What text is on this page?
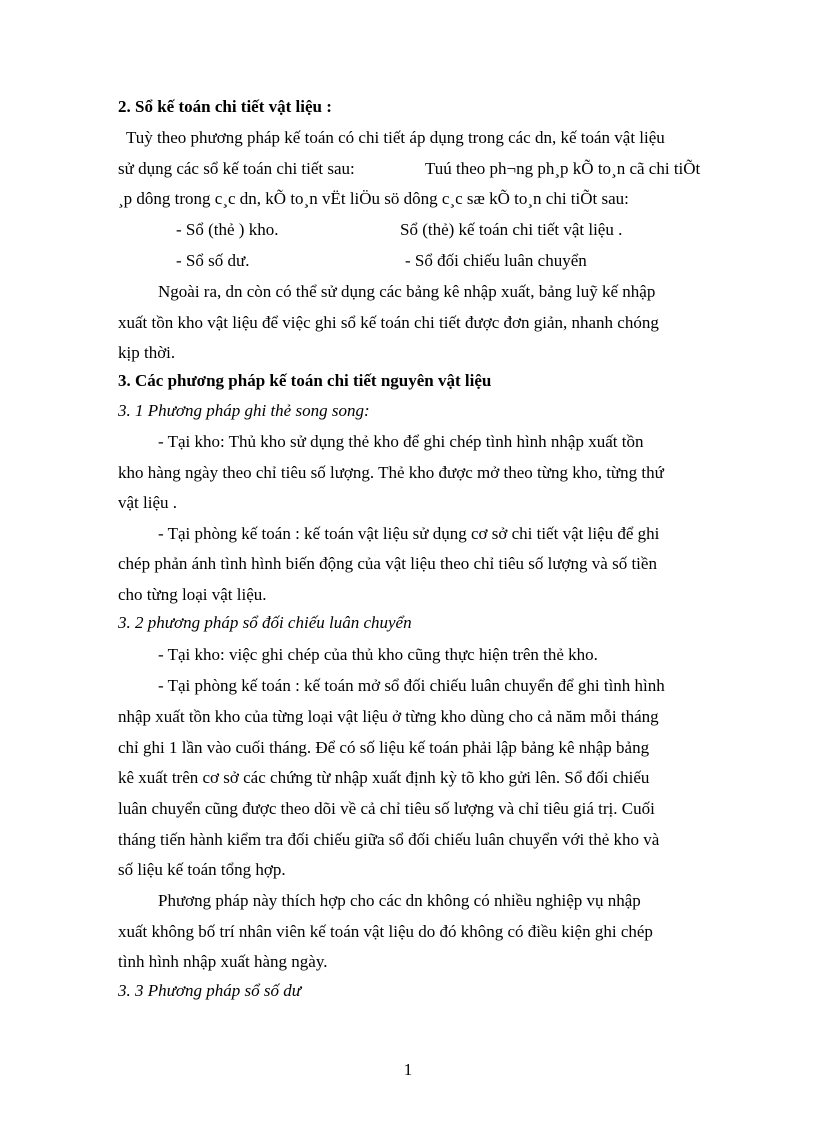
2. Sổ kế toán chi tiết vật liệu :
Tuỳ theo phương pháp kế toán có chi tiết áp dụng trong các dn, kế toán vật liệu
sử dụng các sổ kế toán chi tiết sau:	Tuú theo ph¬ng ph¸p kÕ to¸n cã chi tiÕt
¸p dông trong c¸c dn, kÕ to¸n vËt liÖu sö dông c¸c sæ kÕ to¸n chi tiÕt sau:
- Sổ (thẻ ) kho.	Sổ (thẻ) kế toán chi tiết vật liệu .
- Sổ số dư.	- Sổ đối chiếu luân chuyển
Ngoài ra, dn còn có thể sử dụng các bảng kê nhập xuất, bảng luỹ kế nhập
xuất tồn kho vật liệu để việc ghi sổ kế toán chi tiết được đơn giản, nhanh chóng
kịp thời.
3. Các phương pháp kế toán chi tiết nguyên vật liệu
3. 1 Phương pháp ghi thẻ song song:
- Tại kho: Thủ kho sử dụng thẻ kho để ghi chép tình hình nhập xuất tồn
kho hàng ngày theo chỉ tiêu số lượng. Thẻ kho được mở theo từng kho, từng thứ
vật liệu .
- Tại phòng kế toán : kế toán vật liệu sử dụng cơ sở chi tiết vật liệu để ghi
chép phản ánh tình hình biến động của vật liệu theo chỉ tiêu số lượng và số tiền
cho từng loại vật liệu.
3. 2 phương pháp sổ đối chiếu luân chuyển
- Tại kho: việc ghi chép của thủ kho cũng thực hiện trên thẻ kho.
- Tại phòng kế toán : kế toán mở sổ đối chiếu luân chuyển để ghi tình hình
nhập xuất tồn kho của từng loại vật liệu ở từng kho dùng cho cả năm mỗi tháng
chỉ ghi 1 lần vào cuối tháng. Để có số liệu kế toán phải lập bảng kê nhập bảng
kê xuất trên cơ sở các chứng từ nhập xuất định kỳ tõ kho gửi lên. Sổ đối chiếu
luân chuyển cũng được theo dõi về cả chỉ tiêu số lượng và chỉ tiêu giá trị. Cuối
tháng tiến hành kiểm tra đối chiếu giữa sổ đối chiếu luân chuyển với thẻ kho và
số liệu kế toán tổng hợp.
Phương pháp này thích hợp cho các dn không có nhiều nghiệp vụ nhập
xuất không bố trí nhân viên kế toán vật liệu do đó không có điều kiện ghi chép
tình hình nhập xuất hàng ngày.
3. 3 Phương pháp sổ số dư
1
